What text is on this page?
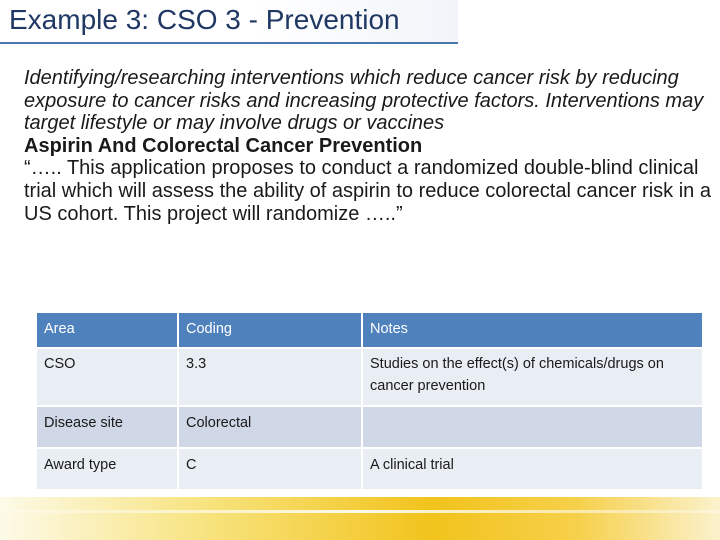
Example 3: CSO 3 - Prevention
Identifying/researching interventions which reduce cancer risk by reducing exposure to cancer risks and increasing protective factors. Interventions may target lifestyle or may involve drugs or vaccines
Aspirin And Colorectal Cancer Prevention
“….. This application proposes to conduct a randomized double-blind clinical trial which will assess the ability of aspirin to reduce colorectal cancer risk in a US cohort. This project will randomize …..”
Area	Coding	Notes
CSO	3.3	Studies on the effect(s) of chemicals/drugs on cancer prevention
Disease site	Colorectal	
Award type	C	A clinical trial
